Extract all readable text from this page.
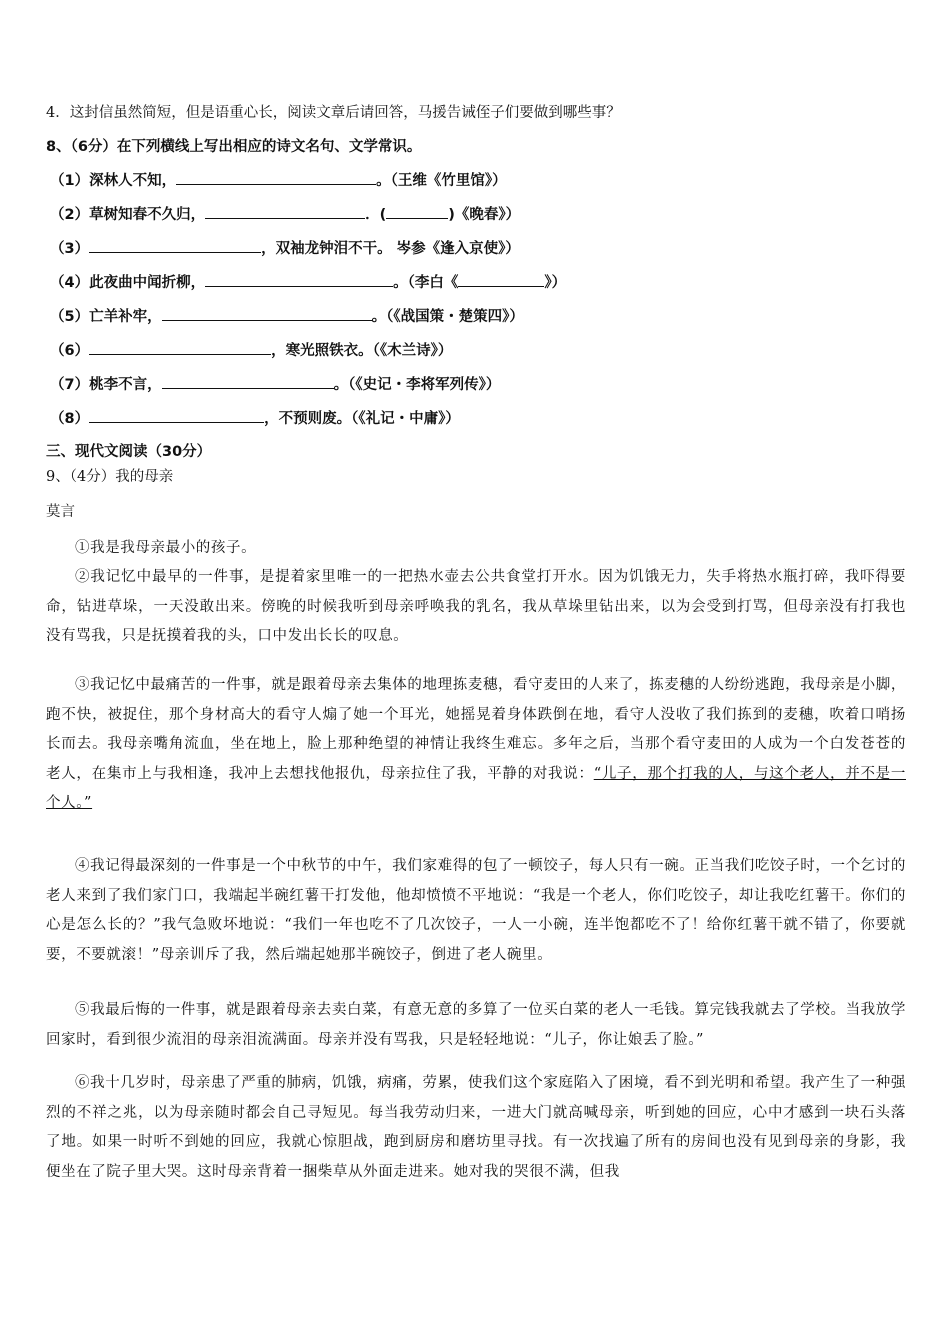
4．这封信虽然简短，但是语重心长，阅读文章后请回答，马援告诫侄子们要做到哪些事？
8、（6分）在下列横线上写出相应的诗文名句、文学常识。
（1）深林人不知，	。（王维《竹里馆》）
（2）草树知春不久归，	．(	)《晚春》）
（3）	，双袖龙钟泪不干。 岑参《逢入京使》）
（4）此夜曲中闻折柳，	。（李白《	》）
（5）亡羊补牢，	。（《战国策・楚策四》）
（6）	，寒光照铁衣。（《木兰诗》）
（7）桃李不言，	。（《史记・李将军列传》）
（8）	，不预则废。（《礼记・中庸》）
三、现代文阅读（30分）
9、（4分）我的母亲
莫言
①我是我母亲最小的孩子。
②我记忆中最早的一件事，是提着家里唯一的一把热水壶去公共食堂打开水。因为饥饿无力，失手将热水瓶打碎，我吓得要命，钻进草垛，一天没敢出来。傍晚的时候我听到母亲呼唤我的乳名，我从草垛里钻出来，以为会受到打骂，但母亲没有打我也没有骂我，只是抚摸着我的头，口中发出长长的叹息。
③我记忆中最痛苦的一件事，就是跟着母亲去集体的地理拣麦穗，看守麦田的人来了，拣麦穗的人纷纷逃跑，我母亲是小脚，跑不快，被捉住，那个身材高大的看守人煽了她一个耳光，她摇晃着身体跌倒在地，看守人没收了我们拣到的麦穗，吹着口哨扬长而去。我母亲嘴角流血，坐在地上，脸上那种绝望的神情让我终生难忘。多年之后，当那个看守麦田的人成为一个白发苍苍的老人，在集市上与我相逢，我冲上去想找他报仇，母亲拉住了我，平静的对我说：“儿子，那个打我的人，与这个老人，并不是一个人。”
④我记得最深刻的一件事是一个中秋节的中午，我们家难得的包了一顿饺子，每人只有一碗。正当我们吃饺子时，一个乞讨的老人来到了我们家门口，我端起半碗红薯干打发他，他却愤愤不平地说：“我是一个老人，你们吃饺子，却让我吃红薯干。你们的心是怎么长的？”我气急败坏地说：“我们一年也吃不了几次饺子，一人一小碗，连半饱都吃不了！给你红薯干就不错了，你要就要，不要就滚！”母亲训斥了我，然后端起她那半碗饺子，倒进了老人碗里。
⑤我最后悔的一件事，就是跟着母亲去卖白菜，有意无意的多算了一位买白菜的老人一毛钱。算完钱我就去了学校。当我放学回家时，看到很少流泪的母亲泪流满面。母亲并没有骂我，只是轻轻地说：“儿子，你让娘丢了脸。”
⑥我十几岁时，母亲患了严重的肺病，饥饿，病痛，劳累，使我们这个家庭陷入了困境，看不到光明和希望。我产生了一种强烈的不祥之兆，以为母亲随时都会自己寻短见。每当我劳动归来，一进大门就高喊母亲，听到她的回应，心中才感到一块石头落了地。如果一时听不到她的回应，我就心惊胆战，跑到厨房和磨坊里寻找。有一次找遍了所有的房间也没有见到母亲的身影，我便坐在了院子里大哭。这时母亲背着一捆柴草从外面走进来。她对我的哭很不满，但我
